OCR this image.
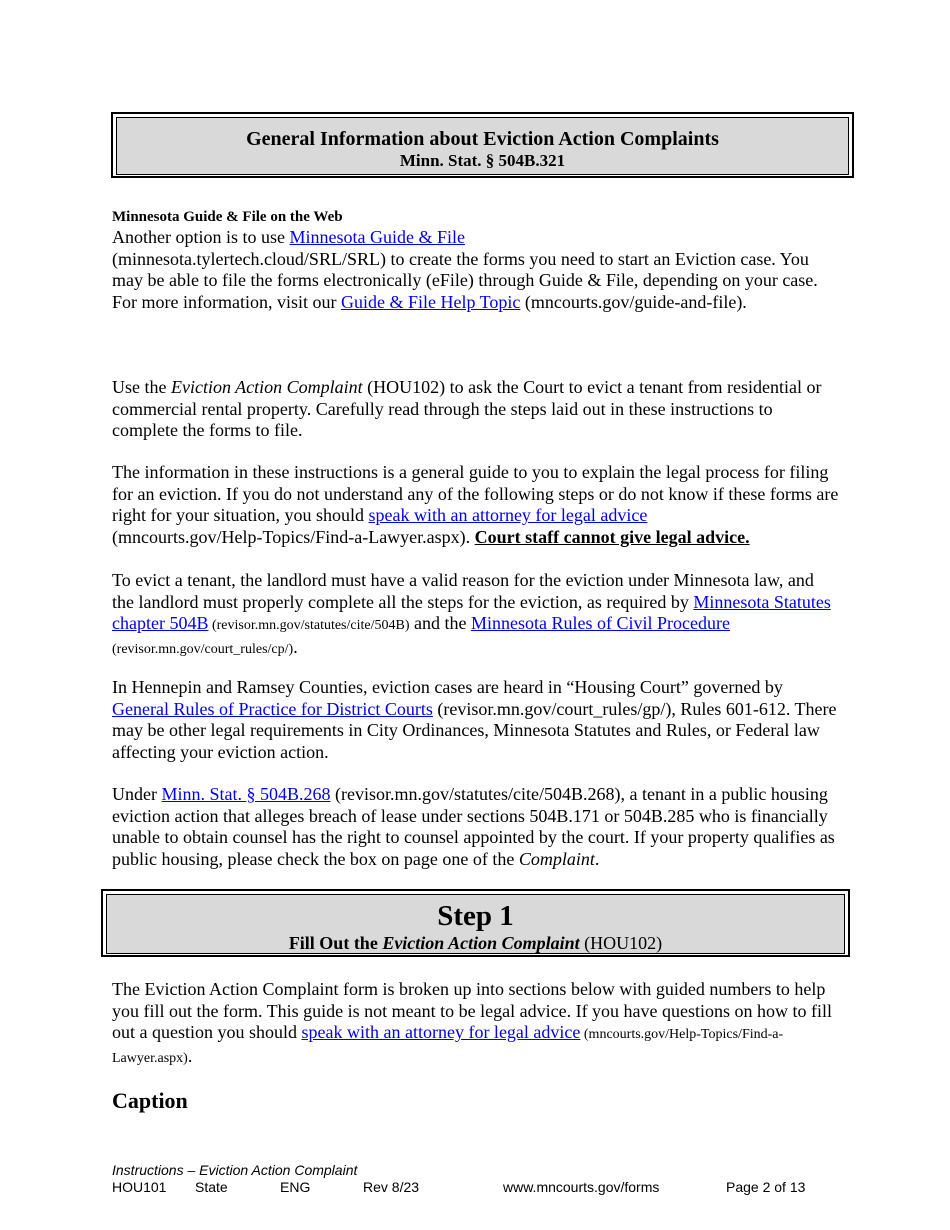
General Information about Eviction Action Complaints
Minn. Stat. § 504B.321
Minnesota Guide & File on the Web
Another option is to use Minnesota Guide & File
(minnesota.tylertech.cloud/SRL/SRL) to create the forms you need to start an Eviction case. You may be able to file the forms electronically (eFile) through Guide & File, depending on your case. For more information, visit our Guide & File Help Topic (mncourts.gov/guide-and-file).
Use the Eviction Action Complaint (HOU102) to ask the Court to evict a tenant from residential or commercial rental property. Carefully read through the steps laid out in these instructions to complete the forms to file.
The information in these instructions is a general guide to you to explain the legal process for filing for an eviction. If you do not understand any of the following steps or do not know if these forms are right for your situation, you should speak with an attorney for legal advice
(mncourts.gov/Help-Topics/Find-a-Lawyer.aspx). Court staff cannot give legal advice.
To evict a tenant, the landlord must have a valid reason for the eviction under Minnesota law, and the landlord must properly complete all the steps for the eviction, as required by Minnesota Statutes chapter 504B (revisor.mn.gov/statutes/cite/504B) and the Minnesota Rules of Civil Procedure
(revisor.mn.gov/court_rules/cp/).
In Hennepin and Ramsey Counties, eviction cases are heard in “Housing Court” governed by General Rules of Practice for District Courts (revisor.mn.gov/court_rules/gp/), Rules 601-612. There may be other legal requirements in City Ordinances, Minnesota Statutes and Rules, or Federal law affecting your eviction action.
Under Minn. Stat. § 504B.268 (revisor.mn.gov/statutes/cite/504B.268), a tenant in a public housing eviction action that alleges breach of lease under sections 504B.171 or 504B.285 who is financially unable to obtain counsel has the right to counsel appointed by the court. If your property qualifies as public housing, please check the box on page one of the Complaint.
Step 1
Fill Out the Eviction Action Complaint (HOU102)
The Eviction Action Complaint form is broken up into sections below with guided numbers to help you fill out the form. This guide is not meant to be legal advice. If you have questions on how to fill out a question you should speak with an attorney for legal advice (mncourts.gov/Help-Topics/Find-a-Lawyer.aspx).
Caption
Instructions – Eviction Action Complaint
HOU101 State	ENG	Rev 8/23	www.mncourts.gov/forms	Page 2 of 13
